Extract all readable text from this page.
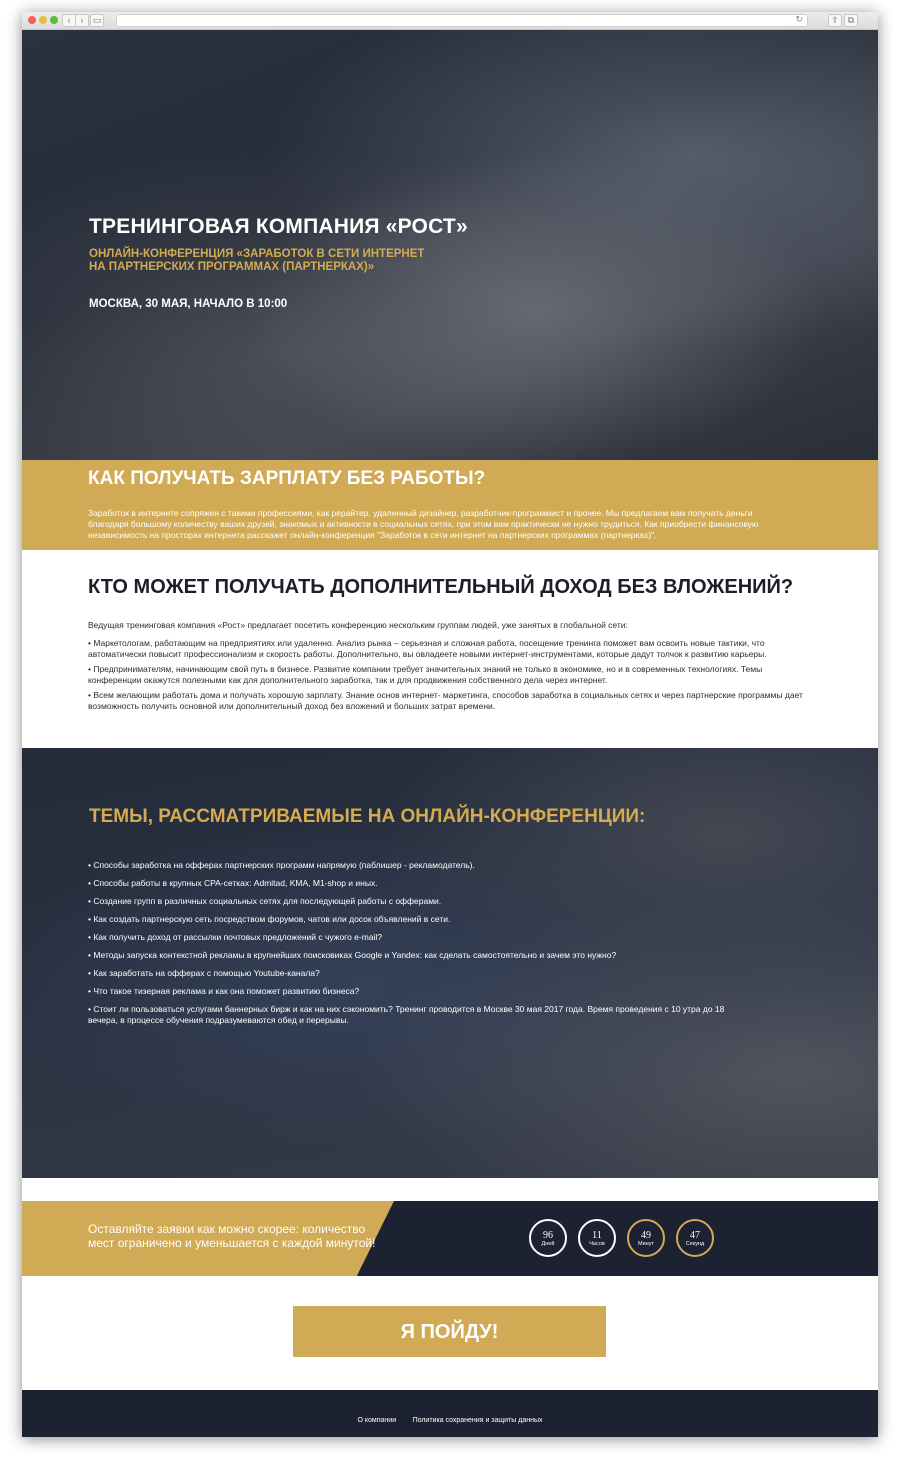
‹	›	▭	↻	⇧	⧉
ТРЕНИНГОВАЯ КОМПАНИЯ «РОСТ»

ОНЛАЙН-КОНФЕРЕНЦИЯ «ЗАРАБОТОК В СЕТИ ИНТЕРНЕТ НА ПАРТНЕРСКИХ ПРОГРАММАХ (ПАРТНЕРКАХ)»

МОСКВА, 30 МАЯ, НАЧАЛО В 10:00

КАК ПОЛУЧАТЬ ЗАРПЛАТУ БЕЗ РАБОТЫ?

Заработок в интернете сопряжен с такими профессиями, как рерайтер, удаленный дизайнер, разработчик-программист и прочее. Мы предлагаем вам получать деньги благодаря большому количеству ваших друзей, знакомых и активности в социальных сетях, при этом вам практически не нужно трудиться. Как приобрести финансовую независимость на просторах интернета расскажет онлайн-конференция "Заработок в сети интернет на партнерских программах (партнерках)".

КТО МОЖЕТ ПОЛУЧАТЬ ДОПОЛНИТЕЛЬНЫЙ ДОХОД БЕЗ ВЛОЖЕНИЙ?

Ведущая тренинговая компания «Рост» предлагает посетить конференцию нескольким группам людей, уже занятых в глобальной сети:

• Маркетологам, работающим на предприятиях или удаленно. Анализ рынка – серьезная и сложная работа, посещение тренинга поможет вам освоить новые тактики, что автоматически повысит профессионализм и скорость работы. Дополнительно, вы овладеете новыми интернет-инструментами, которые дадут толчок к развитию карьеры.
• Предпринимателям, начинающим свой путь в бизнесе. Развитие компании требует значительных знаний не только в экономике, но и в современных технологиях. Темы конференции окажутся полезными как для дополнительного заработка, так и для продвижения собственного дела через интернет.
• Всем желающим работать дома и получать хорошую зарплату. Знание основ интернет- маркетинга, способов заработка в социальных сетях и через партнерские программы дает возможность получить основной или дополнительный доход без вложений и больших затрат времени.
ТЕМЫ, РАССМАТРИВАЕМЫЕ НА ОНЛАЙН-КОНФЕРЕНЦИИ:
• Способы заработка на офферах партнерских программ напрямую (паблишер - рекламодатель).
• Способы работы в крупных CPA-сетках: Admitad, KMA, M1-shop и иных.
• Создание групп в различных социальных сетях для последующей работы с офферами.
• Как создать партнерскую сеть посредством форумов, чатов или досок объявлений в сети.
• Как получить доход от рассылки почтовых предложений с чужого e-mail?
• Методы запуска контекстной рекламы в крупнейших поисковиках Google и Yandex: как сделать самостоятельно и зачем это нужно?
• Как заработать на офферах с помощью Youtube-канала?
• Что такое тизерная реклама и как она поможет развитию бизнеса?
• Стоит ли пользоваться услугами баннерных бирж и как на них сэкономить? Тренинг проводится в Москве 30 мая 2017 года. Время проведения с 10 утра до 18 вечера, в процессе обучения подразумеваются обед и перерывы.

Оставляйте заявки как можно скорее: количество мест ограничено и уменьшается с каждой минутой!

96
Дней
11
Часов
49
Минут
47
Секунд
Я ПОЙДУ!
О компании Политика сохранения и защиты данных
